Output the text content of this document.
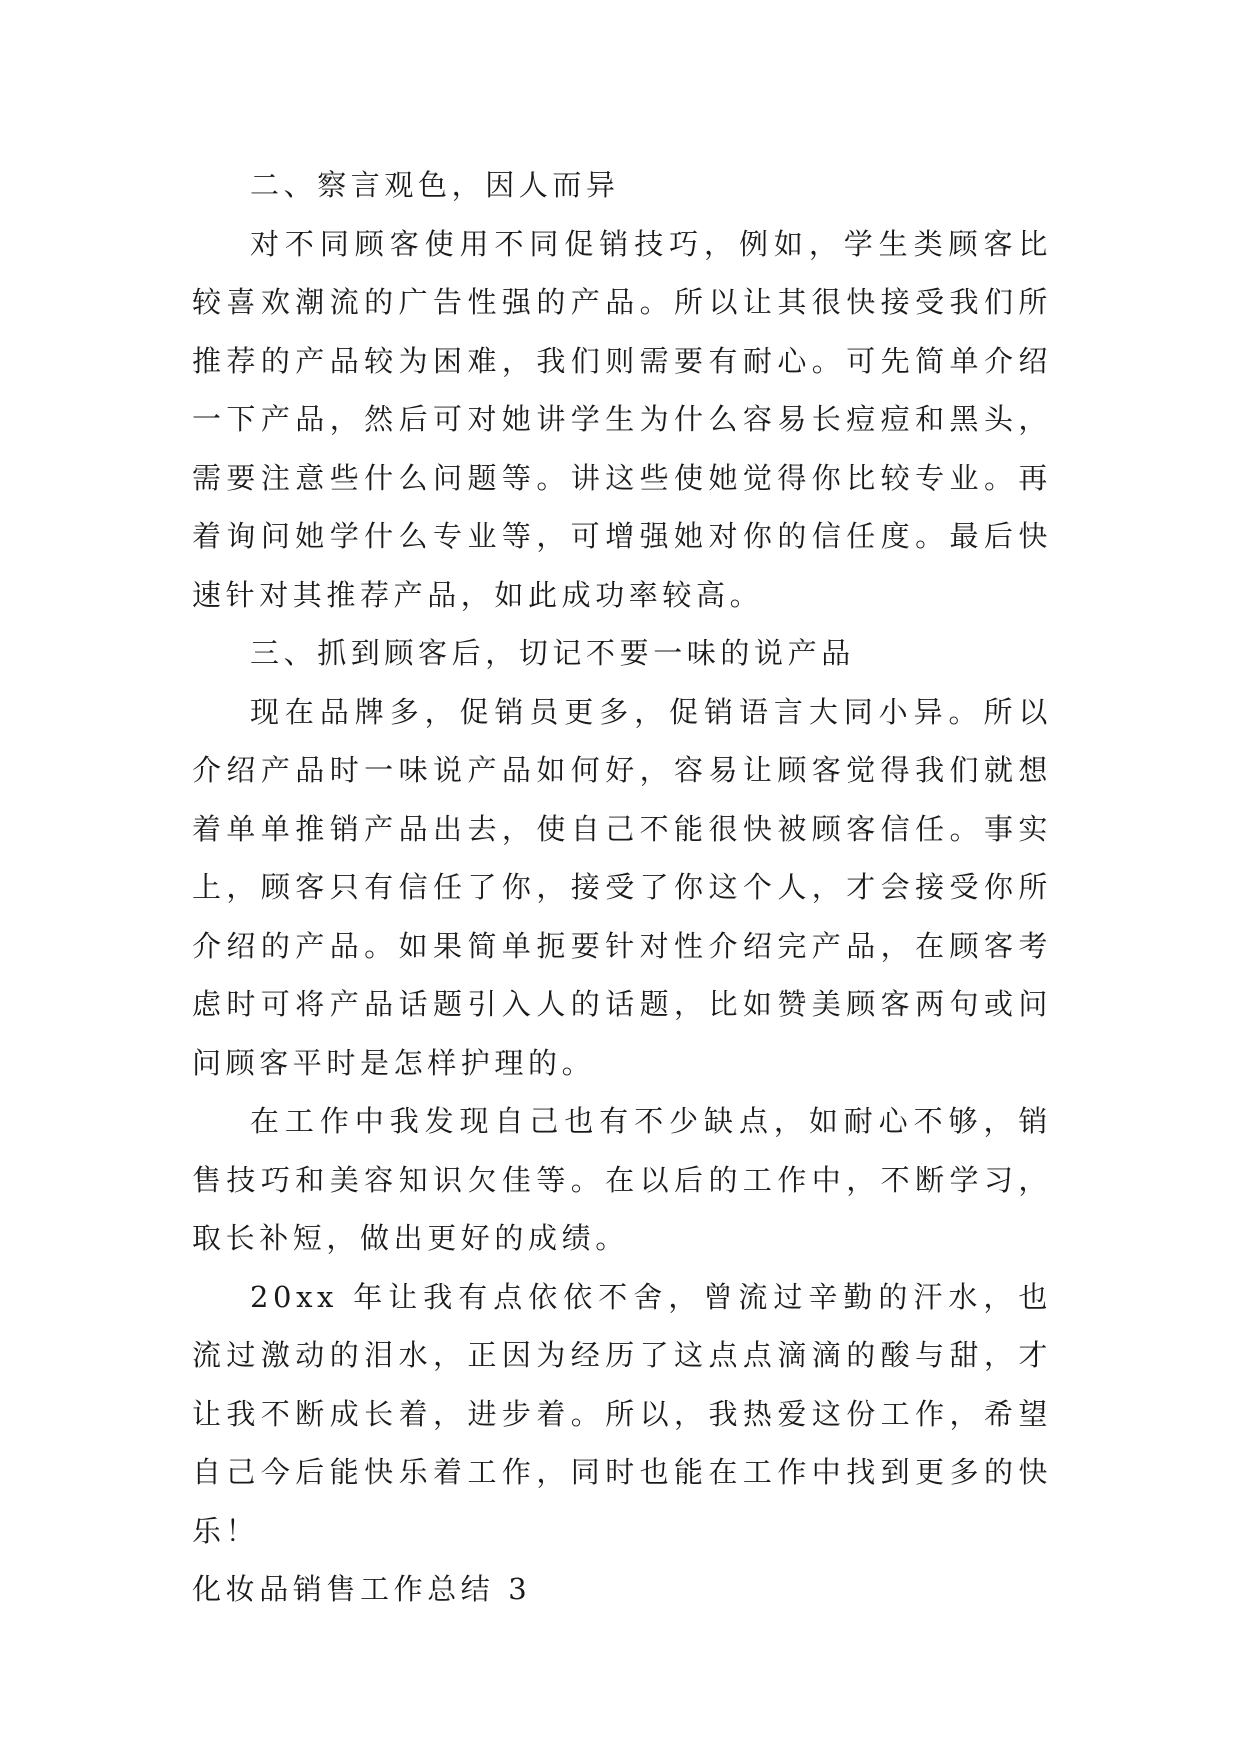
二、察言观色，因人而异

对不同顾客使用不同促销技巧，例如，学生类顾客比较喜欢潮流的广告性强的产品。所以让其很快接受我们所推荐的产品较为困难，我们则需要有耐心。可先简单介绍一下产品，然后可对她讲学生为什么容易长痘痘和黑头，需要注意些什么问题等。讲这些使她觉得你比较专业。再着询问她学什么专业等，可增强她对你的信任度。最后快速针对其推荐产品，如此成功率较高。

三、抓到顾客后，切记不要一味的说产品

现在品牌多，促销员更多，促销语言大同小异。所以介绍产品时一味说产品如何好，容易让顾客觉得我们就想着单单推销产品出去，使自己不能很快被顾客信任。事实上，顾客只有信任了你，接受了你这个人，才会接受你所介绍的产品。如果简单扼要针对性介绍完产品，在顾客考虑时可将产品话题引入人的话题，比如赞美顾客两句或问问顾客平时是怎样护理的。

在工作中我发现自己也有不少缺点，如耐心不够，销售技巧和美容知识欠佳等。在以后的工作中，不断学习，取长补短，做出更好的成绩。

20xx 年让我有点依依不舍，曾流过辛勤的汗水，也流过激动的泪水，正因为经历了这点点滴滴的酸与甜，才让我不断成长着，进步着。所以，我热爱这份工作，希望自己今后能快乐着工作，同时也能在工作中找到更多的快乐！

化妆品销售工作总结 3
